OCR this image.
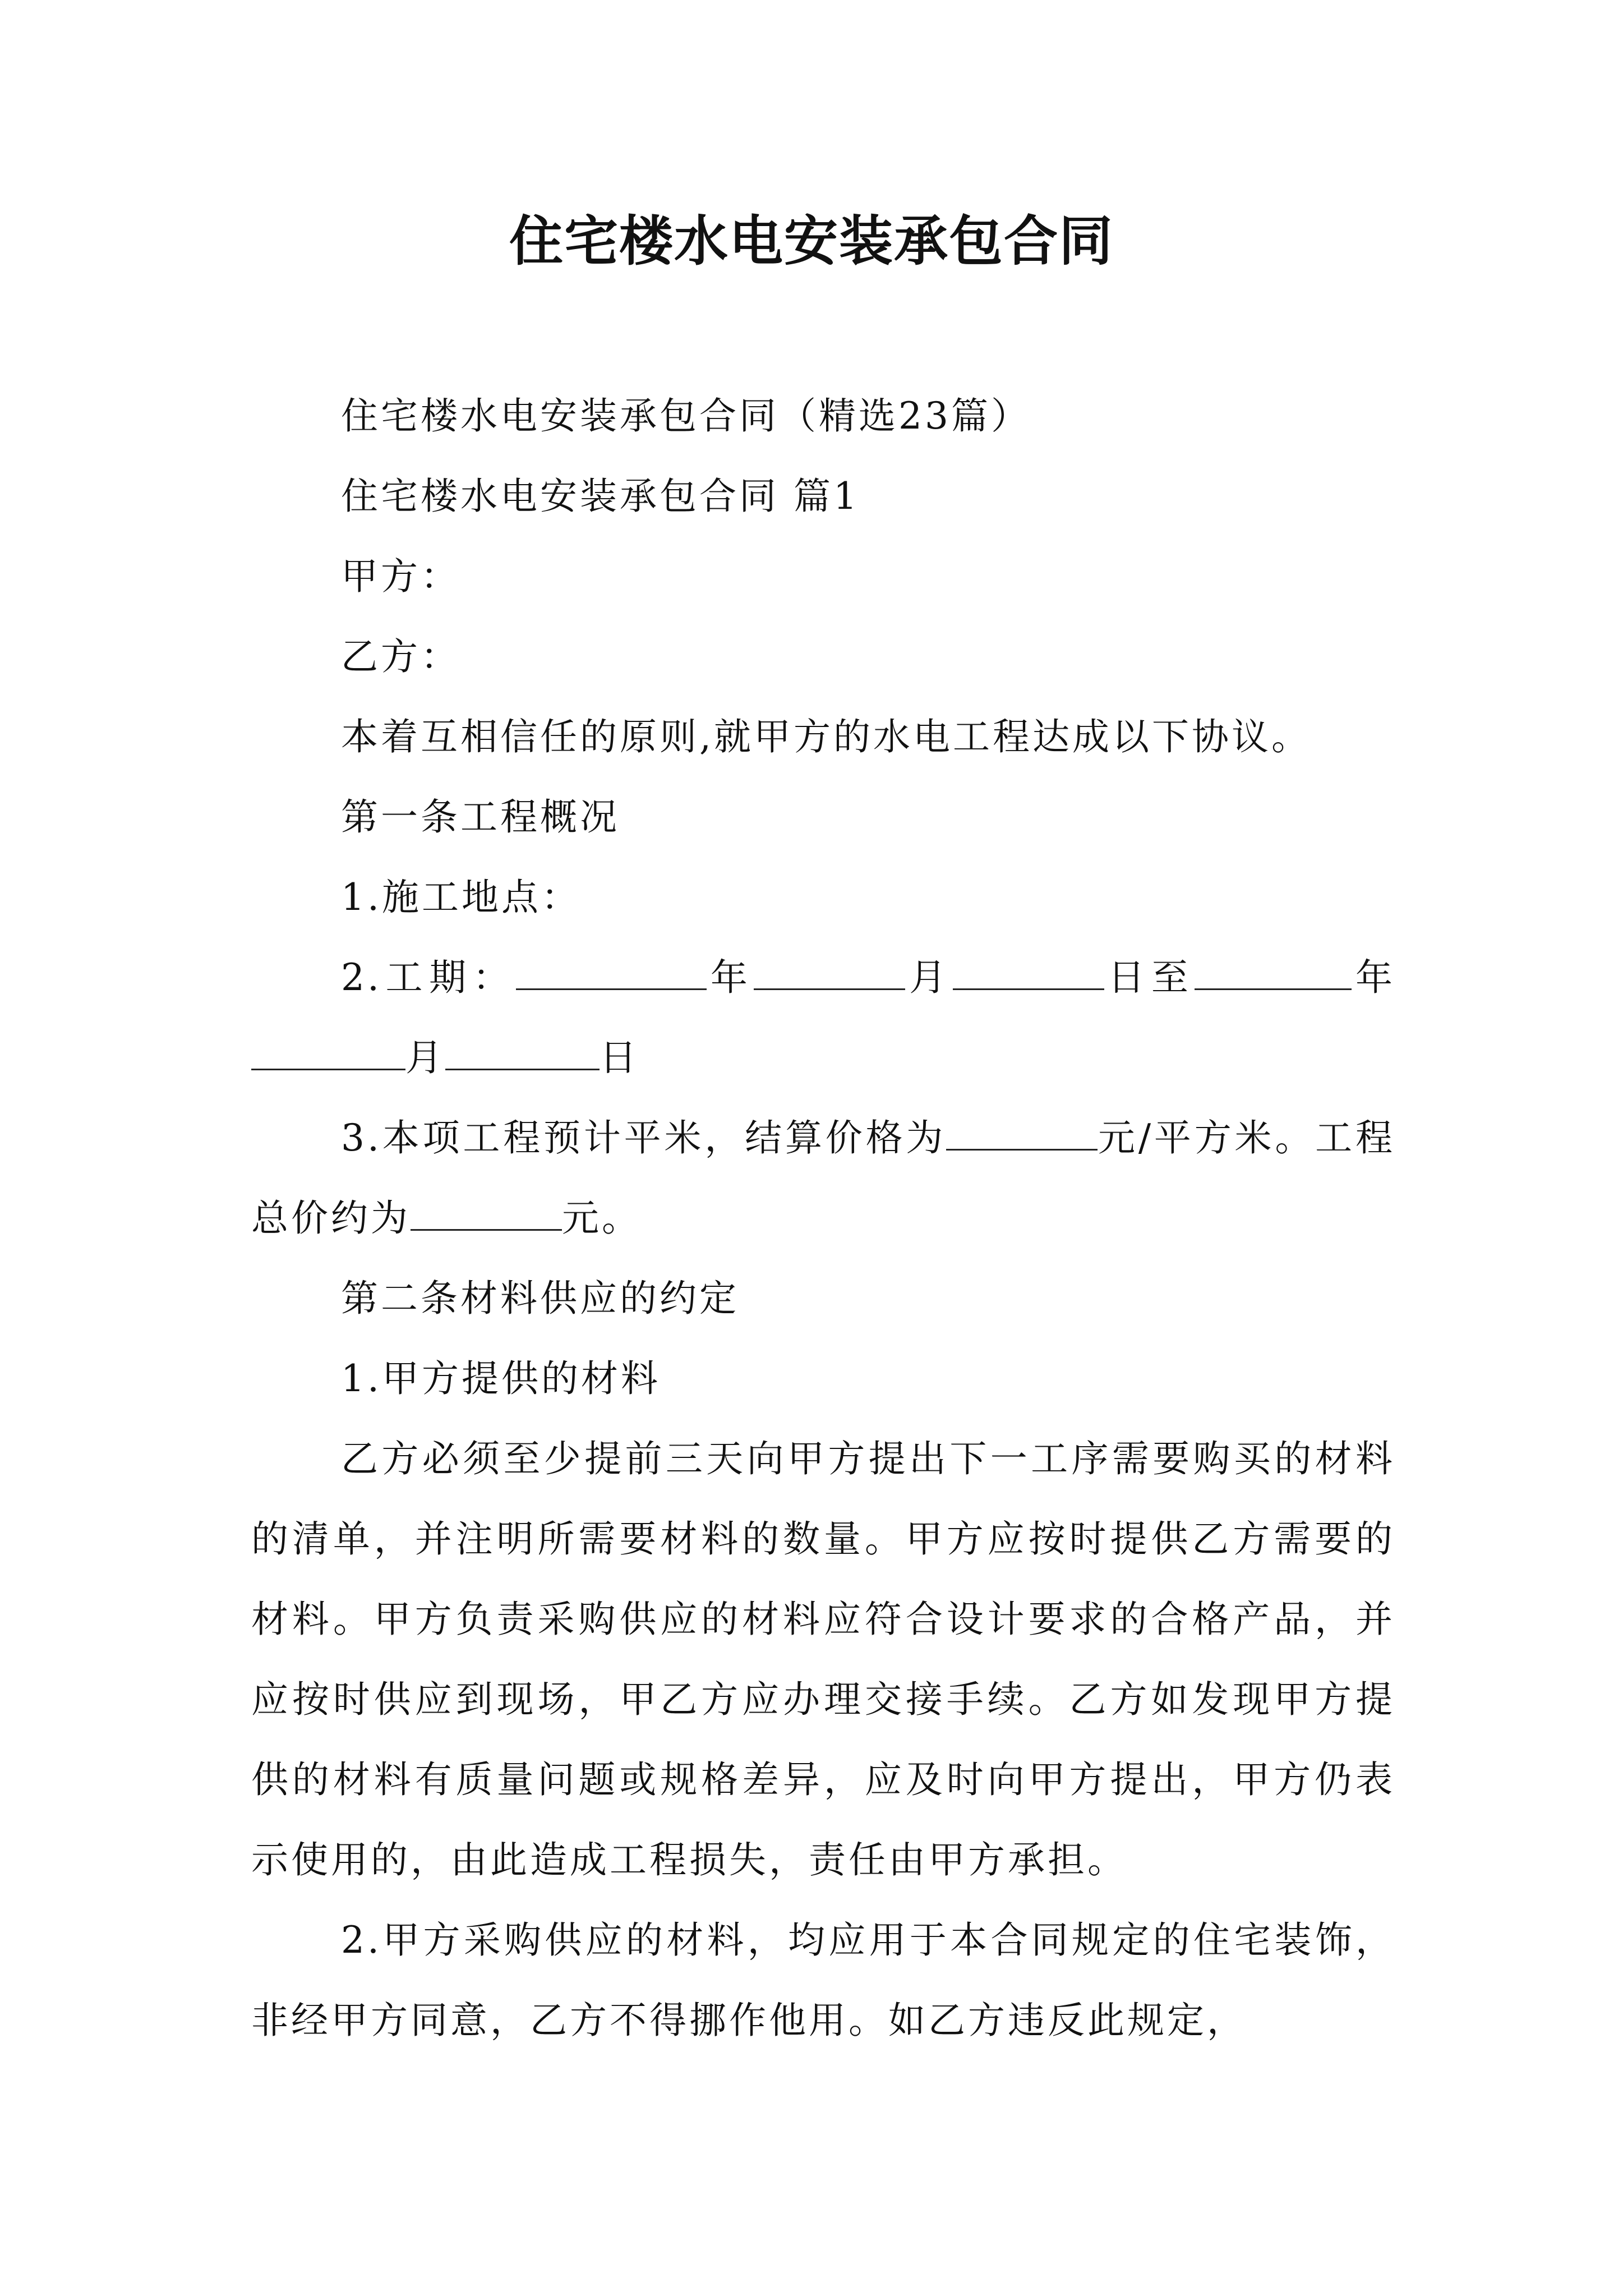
住宅楼水电安装承包合同

住宅楼水电安装承包合同（精选23篇）

住宅楼水电安装承包合同 篇1

甲方：

乙方：

本着互相信任的原则,就甲方的水电工程达成以下协议。

第一条工程概况

1.施工地点：

2.工期：	年	月	日至	年月	日

3.本项工程预计平米，结算价格为	元/平方米。工程总价约为	元。

第二条材料供应的约定

1.甲方提供的材料

乙方必须至少提前三天向甲方提出下一工序需要购买的材料的清单，并注明所需要材料的数量。甲方应按时提供乙方需要的材料。甲方负责采购供应的材料应符合设计要求的合格产品，并应按时供应到现场，甲乙方应办理交接手续。乙方如发现甲方提供的材料有质量问题或规格差异，应及时向甲方提出，甲方仍表示使用的，由此造成工程损失，责任由甲方承担。

2.甲方采购供应的材料，均应用于本合同规定的住宅装饰，非经甲方同意，乙方不得挪作他用。如乙方违反此规定，
